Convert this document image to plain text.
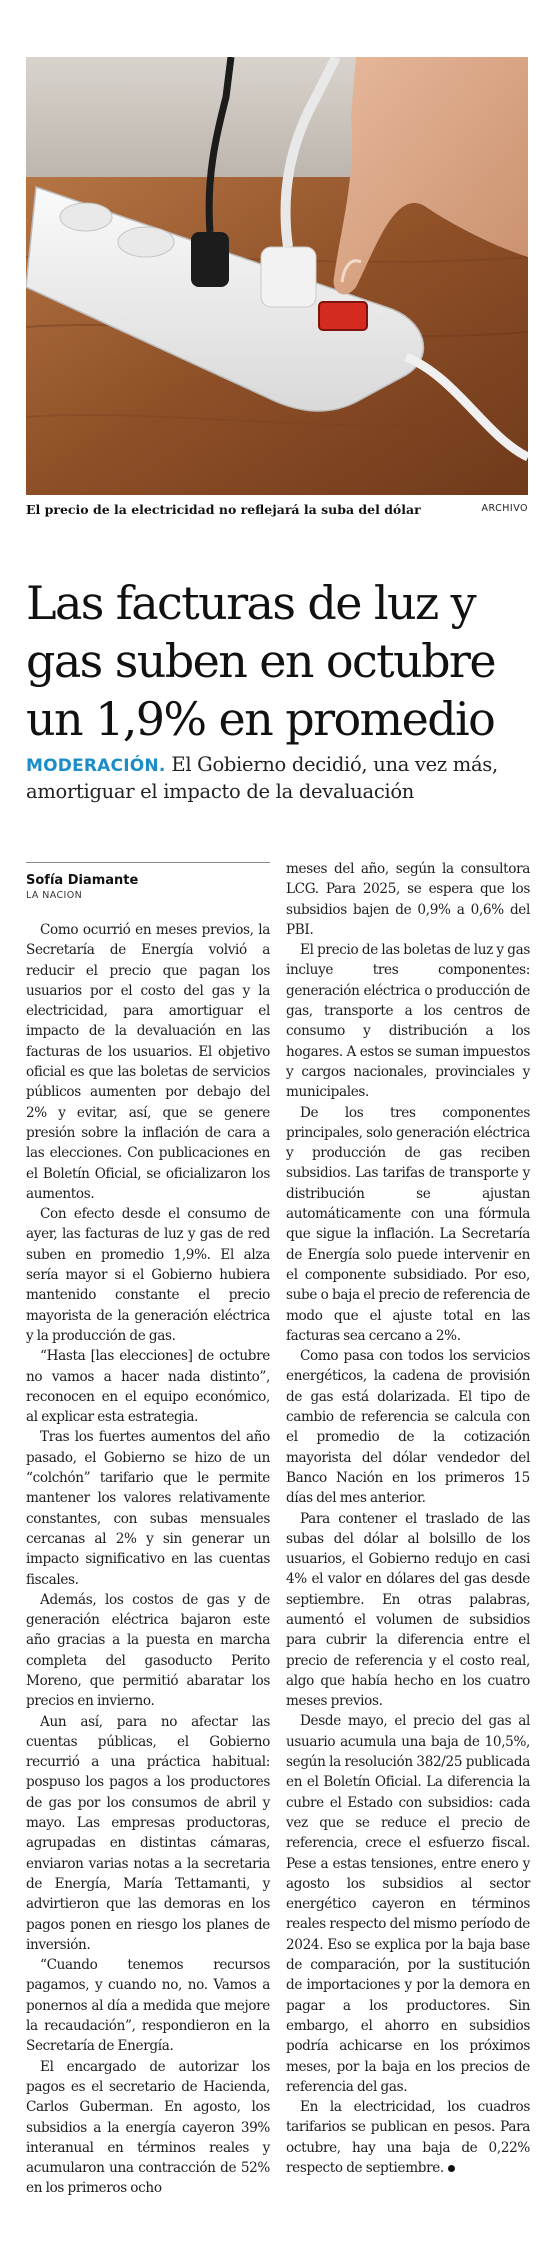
El precio de la electricidad no reflejará la suba del dólar	ARCHIVO
Las facturas de luz y gas suben en octubre un 1,9% en promedio

MODERACIÓN. El Gobierno decidió, una vez más, amortiguar el impacto de la devaluación

Sofía Diamante
LA NACION

Como ocurrió en meses previos, la Secretaría de Energía volvió a reducir el precio que pagan los usuarios por el costo del gas y la electricidad, para amortiguar el impacto de la devaluación en las facturas de los usuarios. El objetivo oficial es que las boletas de servicios públicos aumenten por debajo del 2% y evitar, así, que se genere presión sobre la inflación de cara a las elecciones. Con publicaciones en el Boletín Oficial, se oficializaron los aumentos.

Con efecto desde el consumo de ayer, las facturas de luz y gas de red suben en promedio 1,9%. El alza sería mayor si el Gobierno hubiera mantenido constante el precio mayorista de la generación eléctrica y la producción de gas.

“Hasta [las elecciones] de octubre no vamos a hacer nada distinto”, reconocen en el equipo económico, al explicar esta estrategia.

Tras los fuertes aumentos del año pasado, el Gobierno se hizo de un “colchón” tarifario que le permite mantener los valores relativamente constantes, con subas mensuales cercanas al 2% y sin generar un impacto significativo en las cuentas fiscales.

Además, los costos de gas y de generación eléctrica bajaron este año gracias a la puesta en marcha completa del gasoducto Perito Moreno, que permitió abaratar los precios en invierno.

Aun así, para no afectar las cuentas públicas, el Gobierno recurrió a una práctica habitual: pospuso los pagos a los productores de gas por los consumos de abril y mayo. Las empresas productoras, agrupadas en distintas cámaras, enviaron varias notas a la secretaria de Energía, María Tettamanti, y advirtieron que las demoras en los pagos ponen en riesgo los planes de inversión.

“Cuando tenemos recursos pagamos, y cuando no, no. Vamos a ponernos al día a medida que mejore la recaudación”, respondieron en la Secretaría de Energía.

El encargado de autorizar los pagos es el secretario de Hacienda, Carlos Guberman. En agosto, los subsidios a la energía cayeron 39% interanual en términos reales y acumularon una contracción de 52% en los primeros ocho

meses del año, según la consultora LCG. Para 2025, se espera que los subsidios bajen de 0,9% a 0,6% del PBI.

El precio de las boletas de luz y gas incluye tres componentes: generación eléctrica o producción de gas, transporte a los centros de consumo y distribución a los hogares. A estos se suman impuestos y cargos nacionales, provinciales y municipales.

De los tres componentes principales, solo generación eléctrica y producción de gas reciben subsidios. Las tarifas de transporte y distribución se ajustan automáticamente con una fórmula que sigue la inflación. La Secretaría de Energía solo puede intervenir en el componente subsidiado. Por eso, sube o baja el precio de referencia de modo que el ajuste total en las facturas sea cercano a 2%.

Como pasa con todos los servicios energéticos, la cadena de provisión de gas está dolarizada. El tipo de cambio de referencia se calcula con el promedio de la cotización mayorista del dólar vendedor del Banco Nación en los primeros 15 días del mes anterior.

Para contener el traslado de las subas del dólar al bolsillo de los usuarios, el Gobierno redujo en casi 4% el valor en dólares del gas desde septiembre. En otras palabras, aumentó el volumen de subsidios para cubrir la diferencia entre el precio de referencia y el costo real, algo que había hecho en los cuatro meses previos.

Desde mayo, el precio del gas al usuario acumula una baja de 10,5%, según la resolución 382/25 publicada en el Boletín Oficial. La diferencia la cubre el Estado con subsidios: cada vez que se reduce el precio de referencia, crece el esfuerzo fiscal. Pese a estas tensiones, entre enero y agosto los subsidios al sector energético cayeron en términos reales respecto del mismo período de 2024. Eso se explica por la baja base de comparación, por la sustitución de importaciones y por la demora en pagar a los productores. Sin embargo, el ahorro en subsidios podría achicarse en los próximos meses, por la baja en los precios de referencia del gas.

En la electricidad, los cuadros tarifarios se publican en pesos. Para octubre, hay una baja de 0,22% respecto de septiembre.
